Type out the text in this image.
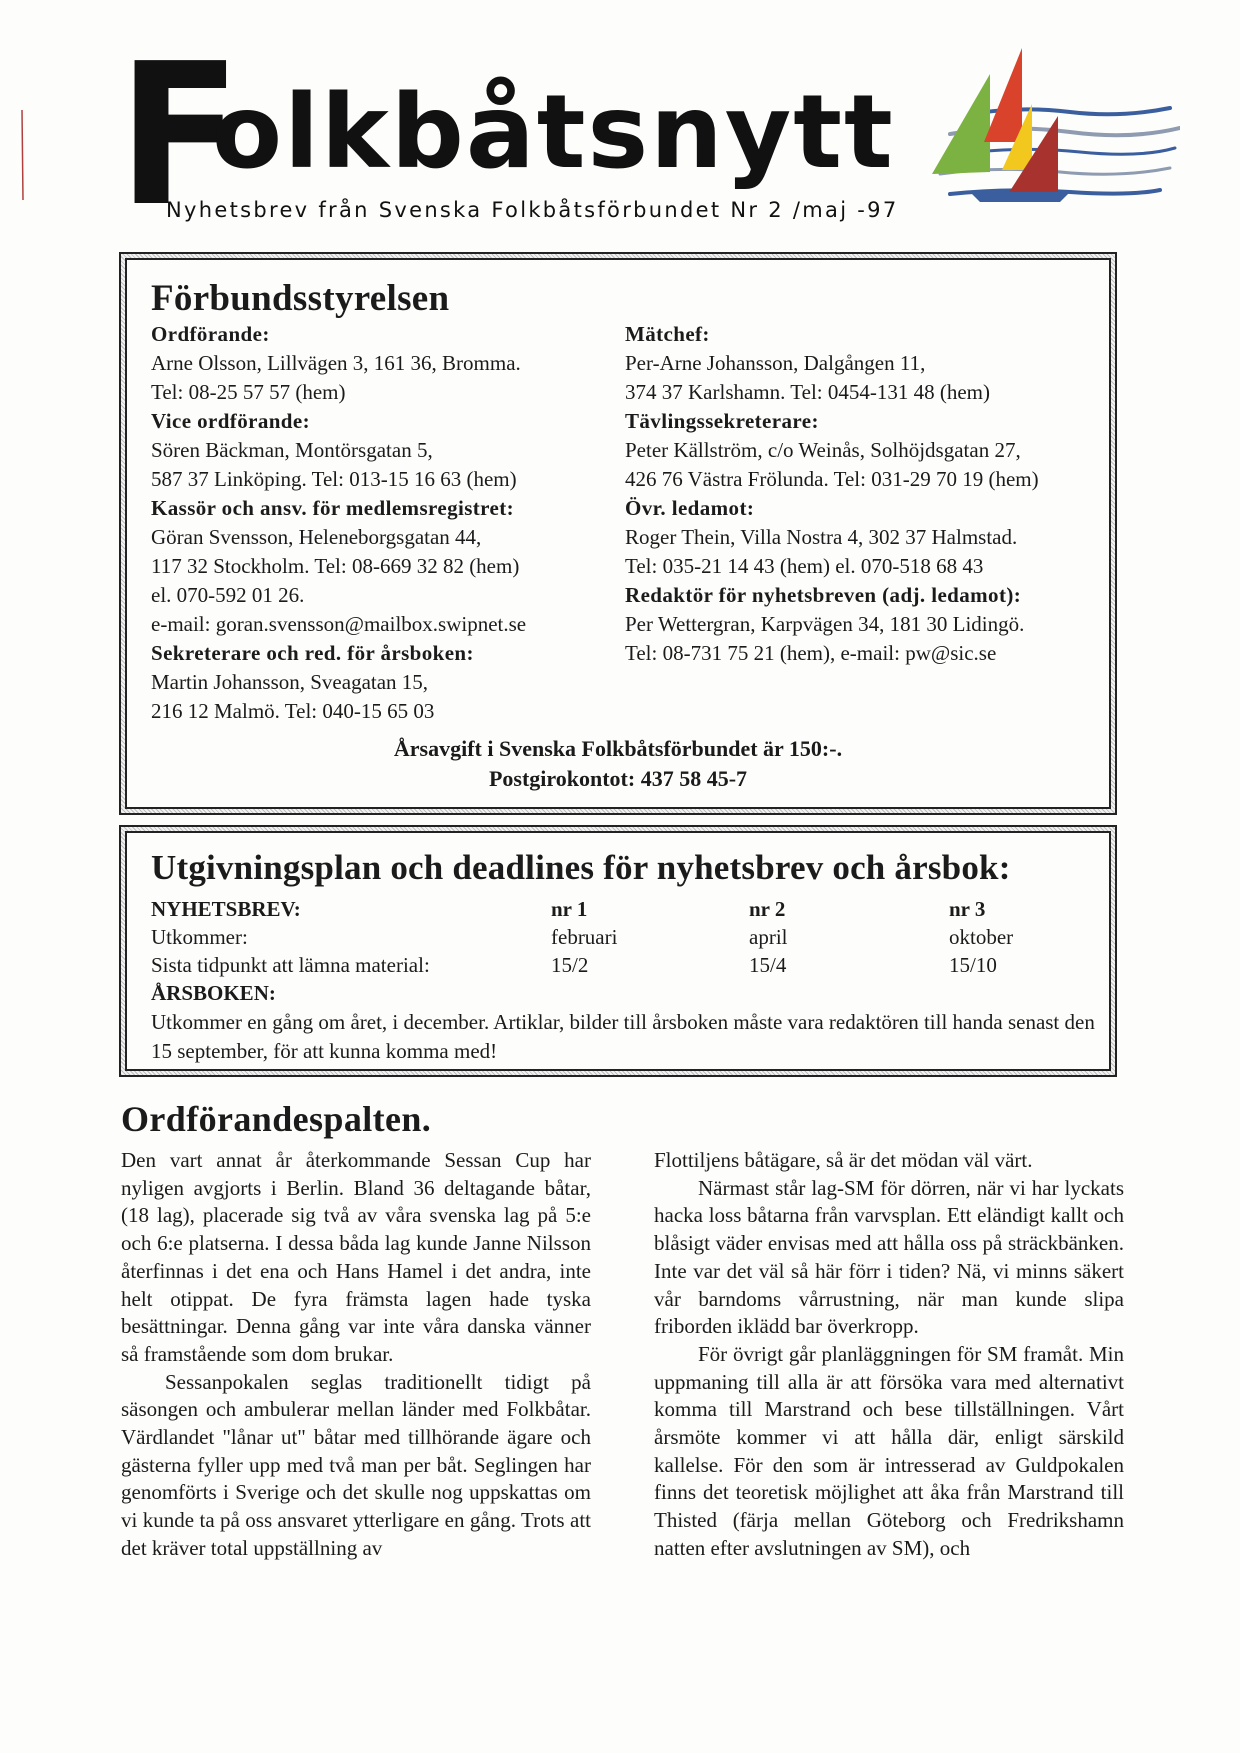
F
olkbåtsnytt
Nyhetsbrev från Svenska Folkbåtsförbundet Nr 2 /maj -97
Förbundsstyrelsen
Ordförande:
Arne Olsson, Lillvägen 3, 161 36, Bromma.
Tel: 08-25 57 57 (hem)
Vice ordförande:
Sören Bäckman, Montörsgatan 5,
587 37 Linköping. Tel: 013-15 16 63 (hem)
Kassör och ansv. för medlemsregistret:
Göran Svensson, Heleneborgsgatan 44,
117 32 Stockholm. Tel: 08-669 32 82 (hem)
el. 070-592 01 26.
e-mail: goran.svensson@mailbox.swipnet.se
Sekreterare och red. för årsboken:
Martin Johansson, Sveagatan 15,
216 12 Malmö. Tel: 040-15 65 03
Mätchef:
Per-Arne Johansson, Dalgången 11,
374 37 Karlshamn. Tel: 0454-131 48 (hem)
Tävlingssekreterare:
Peter Källström, c/o Weinås, Solhöjdsgatan 27,
426 76 Västra Frölunda. Tel: 031-29 70 19 (hem)
Övr. ledamot:
Roger Thein, Villa Nostra 4, 302 37 Halmstad.
Tel: 035-21 14 43 (hem) el. 070-518 68 43
Redaktör för nyhetsbreven (adj. ledamot):
Per Wettergran, Karpvägen 34, 181 30 Lidingö.
Tel: 08-731 75 21 (hem), e-mail: pw@sic.se
Årsavgift i Svenska Folkbåtsförbundet är 150:-.
Postgirokontot: 437 58 45-7
Utgivningsplan och deadlines för nyhetsbrev och årsbok:
NYHETSBREV:	nr 1	nr 2	nr 3
Utkommer:	februari	april	oktober
Sista tidpunkt att lämna material:	15/2	15/4	15/10
ÅRSBOKEN:
Utkommer en gång om året, i december. Artiklar, bilder till årsboken måste vara redaktören till handa senast den 15 september, för att kunna komma med!
Ordförandespalten.

Den vart annat år återkommande Sessan Cup har nyligen avgjorts i Berlin. Bland 36 deltagande båtar, (18 lag), placerade sig två av våra svenska lag på 5:e och 6:e platserna. I dessa båda lag kunde Janne Nilsson återfinnas i det ena och Hans Hamel i det andra, inte helt otippat. De fyra främsta lagen hade tyska besättningar. Denna gång var inte våra danska vänner så framstående som dom brukar.

Sessanpokalen seglas traditionellt tidigt på säsongen och ambulerar mellan länder med Folkbåtar. Värdlandet "lånar ut" båtar med tillhörande ägare och gästerna fyller upp med två man per båt. Seglingen har genomförts i Sverige och det skulle nog uppskattas om vi kunde ta på oss ansvaret ytterligare en gång. Trots att det kräver total uppställning av

Flottiljens båtägare, så är det mödan väl värt.

Närmast står lag-SM för dörren, när vi har lyckats hacka loss båtarna från varvsplan. Ett eländigt kallt och blåsigt väder envisas med att hålla oss på sträckbänken. Inte var det väl så här förr i tiden? Nä, vi minns säkert vår barndoms vårrustning, när man kunde slipa friborden iklädd bar överkropp.

För övrigt går planläggningen för SM framåt. Min uppmaning till alla är att försöka vara med alternativt komma till Marstrand och bese tillställningen. Vårt årsmöte kommer vi att hålla där, enligt särskild kallelse. För den som är intresserad av Guldpokalen finns det teoretisk möjlighet att åka från Marstrand till Thisted (färja mellan Göteborg och Fredrikshamn natten efter avslutningen av SM), och
